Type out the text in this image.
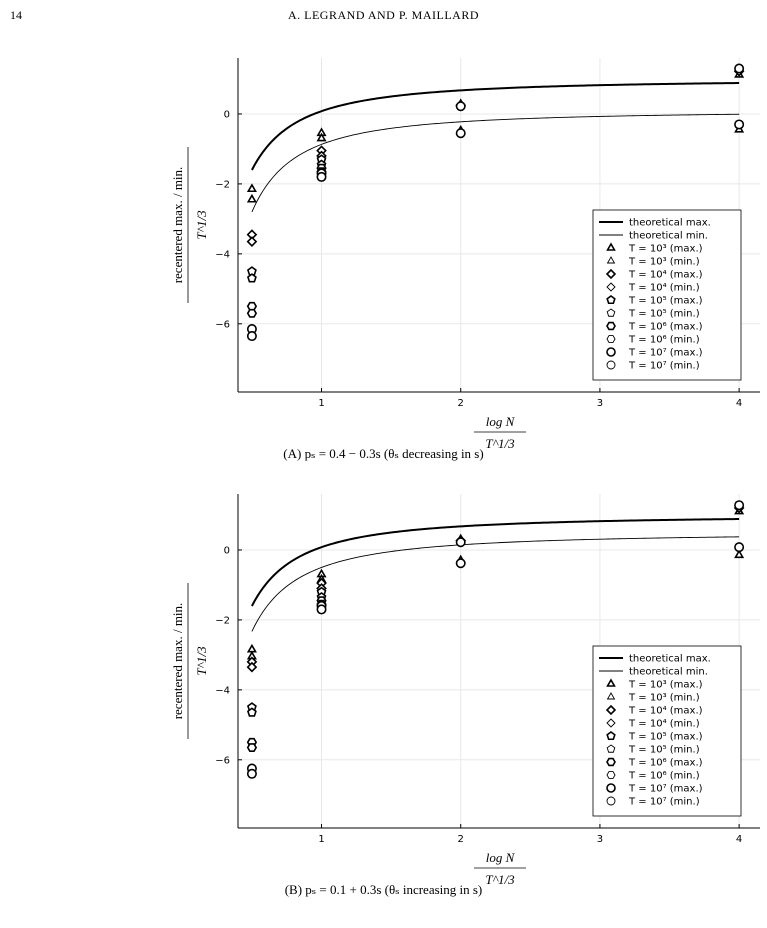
14	A. LEGRAND AND P. MAILLARD
1	2	3	4
0
−2
−4
−6
log N
T^1/3
recentered max. / min. T^1/3	theoretical max.
theoretical min.
T = 10³ (max.)
T = 10³ (min.)
T = 10⁴ (max.)
T = 10⁴ (min.)
T = 10⁵ (max.)
T = 10⁵ (min.)
T = 10⁶ (max.)
T = 10⁶ (min.)
T = 10⁷ (max.)
T = 10⁷ (min.)
(A) pₛ = 0.4 − 0.3s (θₛ decreasing in s)
1	2	3	4
0
−2
−4
−6
log N
T^1/3
recentered max. / min. T^1/3	theoretical max.
theoretical min.
T = 10³ (max.)
T = 10³ (min.)
T = 10⁴ (max.)
T = 10⁴ (min.)
T = 10⁵ (max.)
T = 10⁵ (min.)
T = 10⁶ (max.)
T = 10⁶ (min.)
T = 10⁷ (max.)
T = 10⁷ (min.)
(B) pₛ = 0.1 + 0.3s (θₛ increasing in s)
